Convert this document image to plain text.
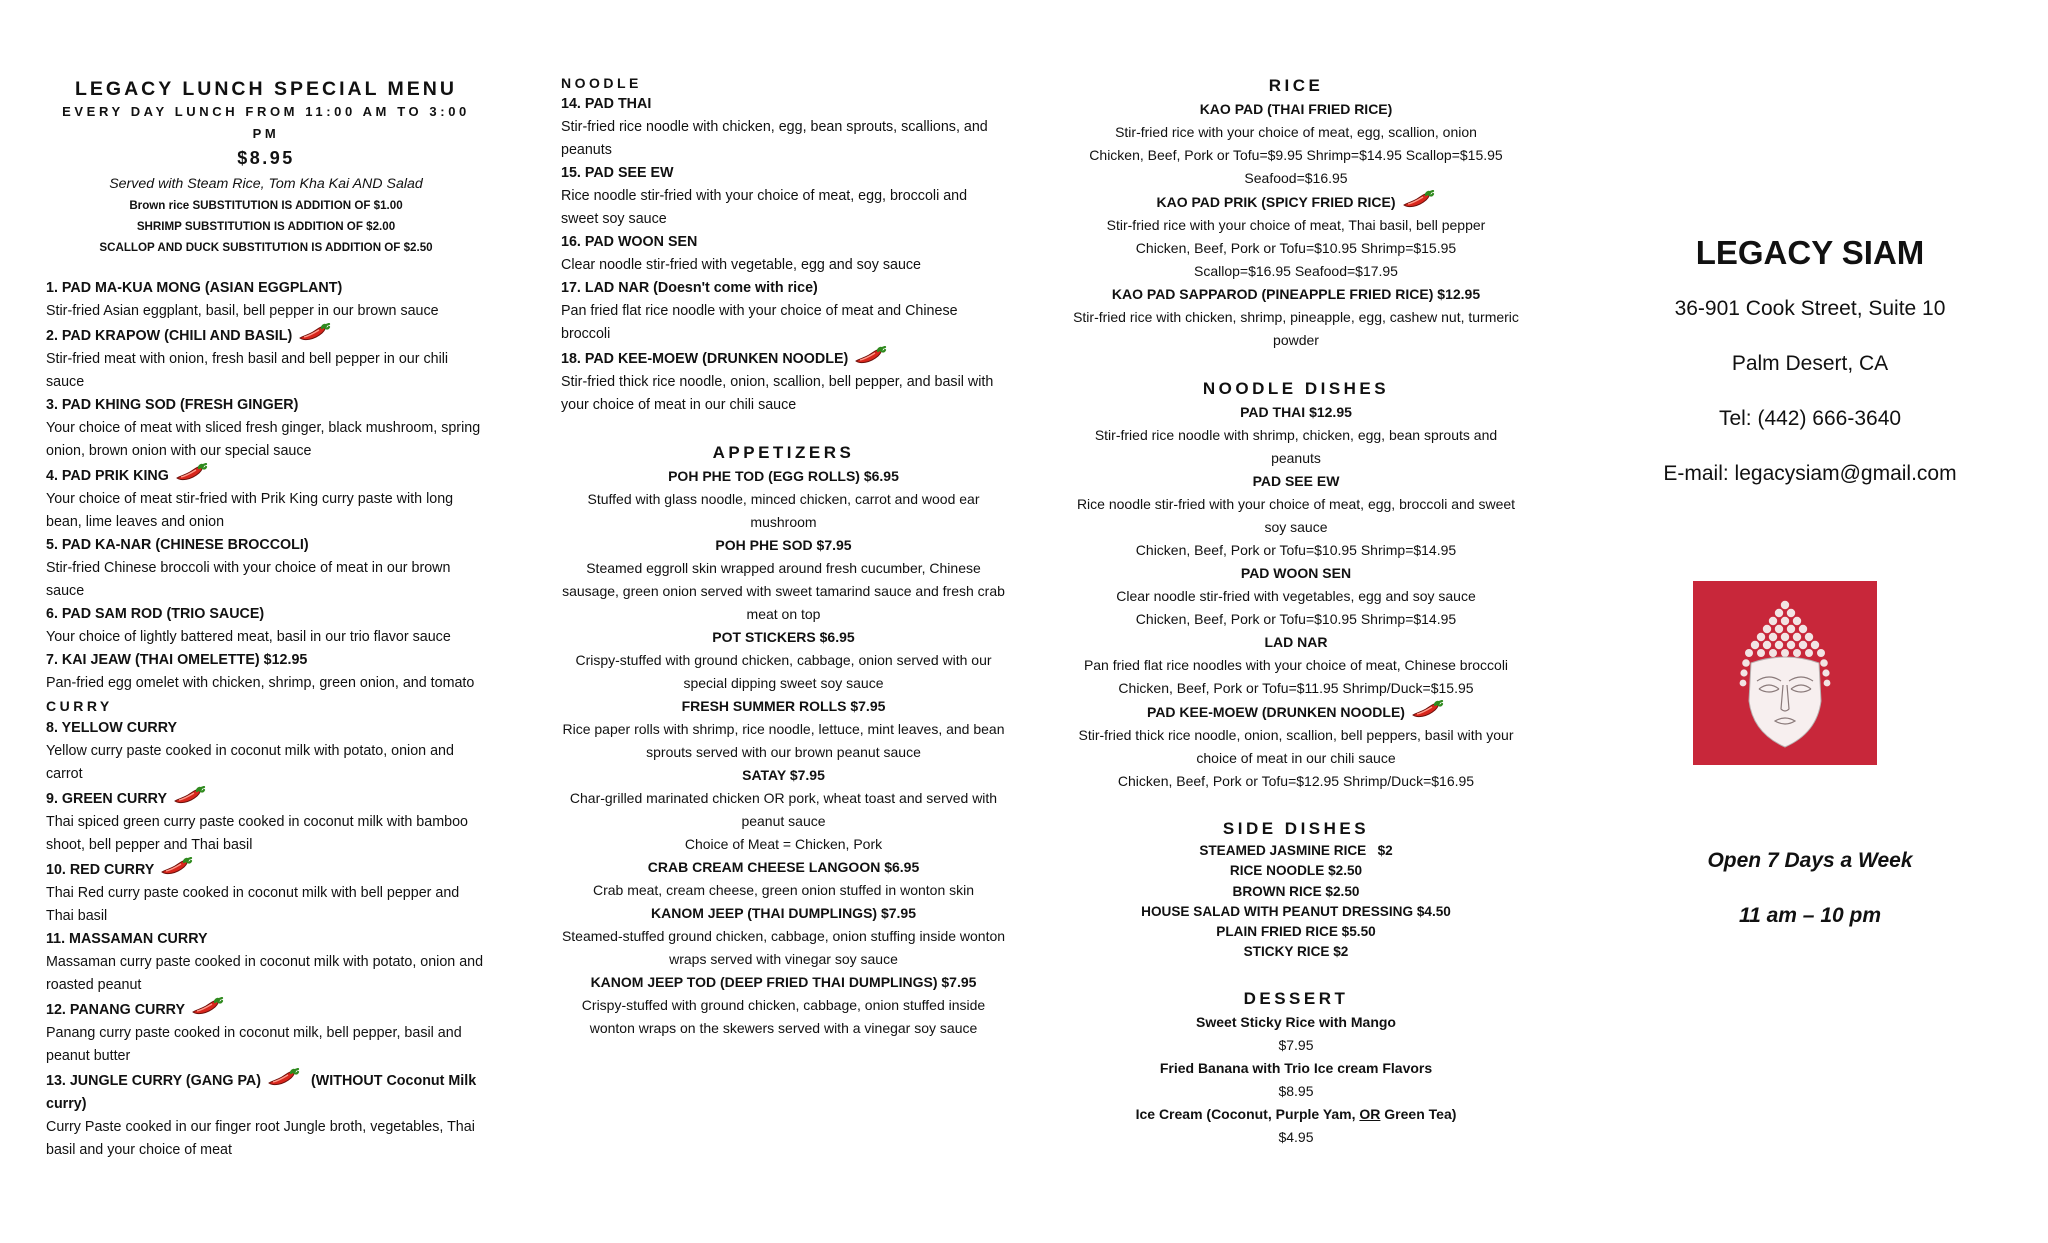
LEGACY LUNCH SPECIAL MENU
EVERY DAY LUNCH FROM 11:00 AM TO 3:00 PM
$8.95
Served with Steam Rice, Tom Kha Kai AND Salad
Brown rice SUBSTITUTION IS ADDITION OF $1.00
SHRIMP SUBSTITUTION IS ADDITION OF $2.00
SCALLOP AND DUCK SUBSTITUTION IS ADDITION OF $2.50
1. PAD MA-KUA MONG (ASIAN EGGPLANT)
Stir-fried Asian eggplant, basil, bell pepper in our brown sauce
2. PAD KRAPOW (CHILI AND BASIL)
Stir-fried meat with onion, fresh basil and bell pepper in our chili sauce
3. PAD KHING SOD (FRESH GINGER)
Your choice of meat with sliced fresh ginger, black mushroom, spring onion, brown onion with our special sauce
4. PAD PRIK KING
Your choice of meat stir-fried with Prik King curry paste with long bean, lime leaves and onion
5. PAD KA-NAR (CHINESE BROCCOLI)
Stir-fried Chinese broccoli with your choice of meat in our brown sauce
6. PAD SAM ROD (TRIO SAUCE)
Your choice of lightly battered meat, basil in our trio flavor sauce
7. KAI JEAW (THAI OMELETTE) $12.95
Pan-fried egg omelet with chicken, shrimp, green onion, and tomato
CURRY
8. YELLOW CURRY
Yellow curry paste cooked in coconut milk with potato, onion and carrot
9. GREEN CURRY
Thai spiced green curry paste cooked in coconut milk with bamboo shoot, bell pepper and Thai basil
10. RED CURRY
Thai Red curry paste cooked in coconut milk with bell pepper and Thai basil
11. MASSAMAN CURRY
Massaman curry paste cooked in coconut milk with potato, onion and roasted peanut
12. PANANG CURRY
Panang curry paste cooked in coconut milk, bell pepper, basil and peanut butter
13. JUNGLE CURRY (GANG PA)	(WITHOUT Coconut Milk
curry)
Curry Paste cooked in our finger root Jungle broth, vegetables, Thai basil and your choice of meat
NOODLE
14. PAD THAI
Stir-fried rice noodle with chicken, egg, bean sprouts, scallions, and peanuts
15. PAD SEE EW
Rice noodle stir-fried with your choice of meat, egg, broccoli and sweet soy sauce
16. PAD WOON SEN
Clear noodle stir-fried with vegetable, egg and soy sauce
17. LAD NAR (Doesn't come with rice)
Pan fried flat rice noodle with your choice of meat and Chinese broccoli
18. PAD KEE-MOEW (DRUNKEN NOODLE)
Stir-fried thick rice noodle, onion, scallion, bell pepper, and basil with your choice of meat in our chili sauce
APPETIZERS
POH PHE TOD (EGG ROLLS) $6.95
Stuffed with glass noodle, minced chicken, carrot and wood ear mushroom
POH PHE SOD $7.95
Steamed eggroll skin wrapped around fresh cucumber, Chinese sausage, green onion served with sweet tamarind sauce and fresh crab meat on top
POT STICKERS $6.95
Crispy-stuffed with ground chicken, cabbage, onion served with our special dipping sweet soy sauce
FRESH SUMMER ROLLS $7.95
Rice paper rolls with shrimp, rice noodle, lettuce, mint leaves, and bean sprouts served with our brown peanut sauce
SATAY $7.95
Char-grilled marinated chicken OR pork, wheat toast and served with peanut sauce
Choice of Meat = Chicken, Pork
CRAB CREAM CHEESE LANGOON $6.95
Crab meat, cream cheese, green onion stuffed in wonton skin
KANOM JEEP (THAI DUMPLINGS) $7.95
Steamed-stuffed ground chicken, cabbage, onion stuffing inside wonton wraps served with vinegar soy sauce
KANOM JEEP TOD (DEEP FRIED THAI DUMPLINGS) $7.95
Crispy-stuffed with ground chicken, cabbage, onion stuffed inside wonton wraps on the skewers served with a vinegar soy sauce
RICE
KAO PAD (THAI FRIED RICE)
Stir-fried rice with your choice of meat, egg, scallion, onion
Chicken, Beef, Pork or Tofu=$9.95 Shrimp=$14.95 Scallop=$15.95 Seafood=$16.95
KAO PAD PRIK (SPICY FRIED RICE)
Stir-fried rice with your choice of meat, Thai basil, bell pepper
Chicken, Beef, Pork or Tofu=$10.95 Shrimp=$15.95 Scallop=$16.95 Seafood=$17.95
KAO PAD SAPPAROD (PINEAPPLE FRIED RICE) $12.95
Stir-fried rice with chicken, shrimp, pineapple, egg, cashew nut, turmeric powder
NOODLE DISHES
PAD THAI $12.95
Stir-fried rice noodle with shrimp, chicken, egg, bean sprouts and peanuts
PAD SEE EW
Rice noodle stir-fried with your choice of meat, egg, broccoli and sweet soy sauce
Chicken, Beef, Pork or Tofu=$10.95 Shrimp=$14.95
PAD WOON SEN
Clear noodle stir-fried with vegetables, egg and soy sauce
Chicken, Beef, Pork or Tofu=$10.95 Shrimp=$14.95
LAD NAR
Pan fried flat rice noodles with your choice of meat, Chinese broccoli
Chicken, Beef, Pork or Tofu=$11.95 Shrimp/Duck=$15.95
PAD KEE-MOEW (DRUNKEN NOODLE)
Stir-fried thick rice noodle, onion, scallion, bell peppers, basil with your choice of meat in our chili sauce
Chicken, Beef, Pork or Tofu=$12.95 Shrimp/Duck=$16.95
SIDE DISHES
STEAMED JASMINE RICE   $2
RICE NOODLE $2.50
BROWN RICE $2.50
HOUSE SALAD WITH PEANUT DRESSING $4.50
PLAIN FRIED RICE $5.50
STICKY RICE $2
DESSERT
Sweet Sticky Rice with Mango
$7.95
Fried Banana with Trio Ice cream Flavors
$8.95
Ice Cream (Coconut, Purple Yam, OR Green Tea)
$4.95
LEGACY SIAM
36-901 Cook Street, Suite 10
Palm Desert, CA
Tel: (442) 666-3640
E-mail: legacysiam@gmail.com
Open 7 Days a Week
11 am – 10 pm
